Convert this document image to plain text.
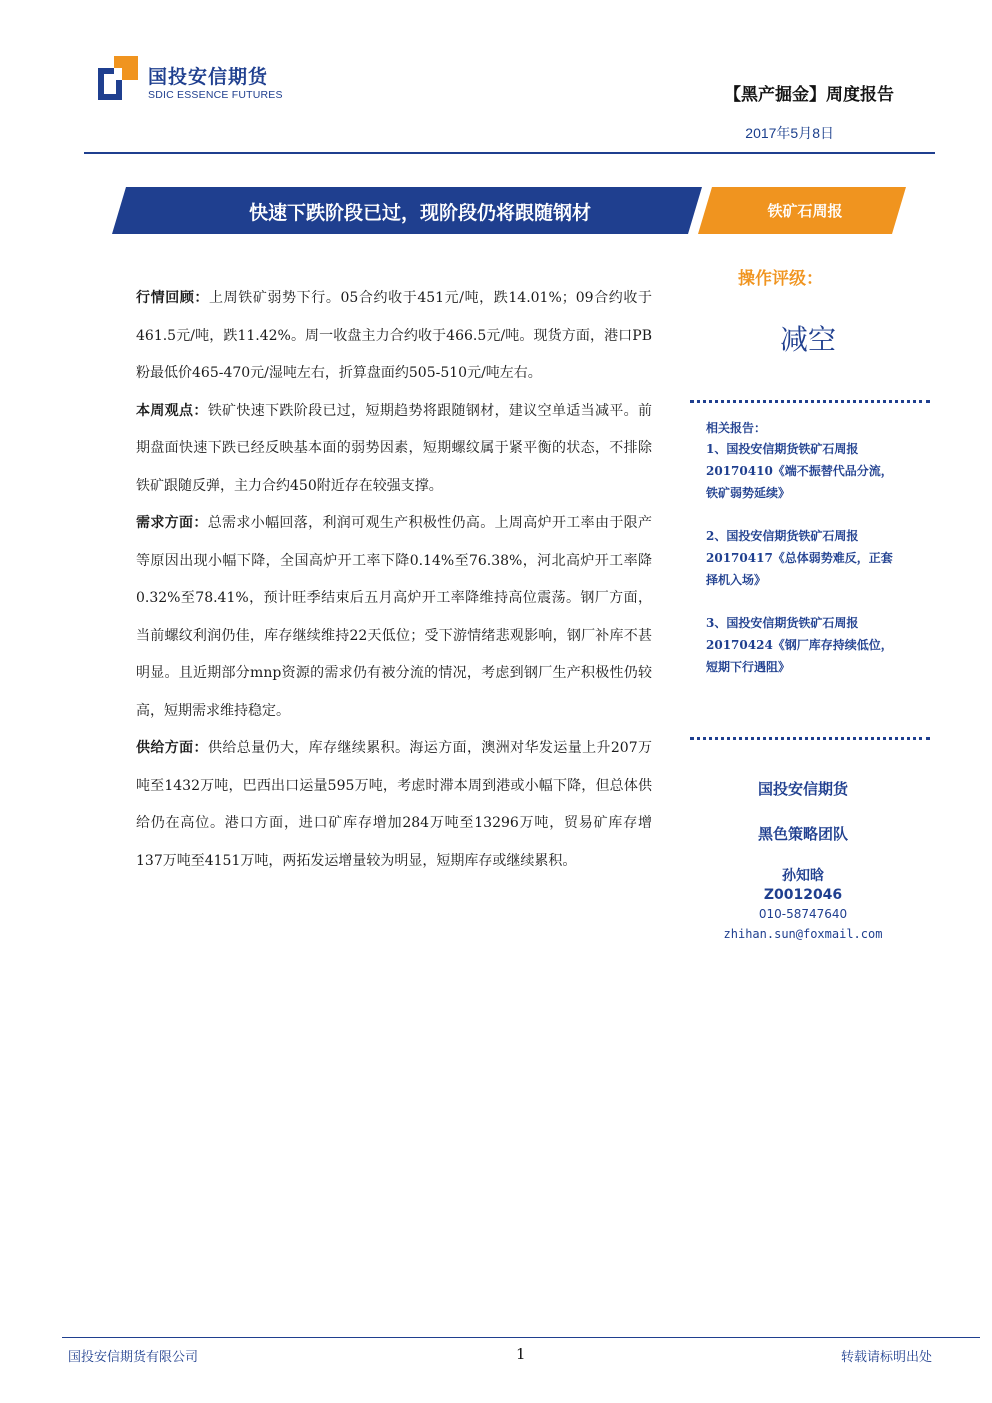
国投安信期货
SDIC ESSENCE FUTURES	【黑产掘金】周度报告
2017年5月8日
快速下跌阶段已过，现阶段仍将跟随钢材	铁矿石周报

行情回顾：上周铁矿弱势下行。05合约收于451元/吨，跌14.01%；09合约收于461.5元/吨，跌11.42%。周一收盘主力合约收于466.5元/吨。现货方面，港口PB粉最低价465-470元/湿吨左右，折算盘面约505-510元/吨左右。

本周观点：铁矿快速下跌阶段已过，短期趋势将跟随钢材，建议空单适当减平。前期盘面快速下跌已经反映基本面的弱势因素，短期螺纹属于紧平衡的状态，不排除铁矿跟随反弹，主力合约450附近存在较强支撑。

需求方面：总需求小幅回落，利润可观生产积极性仍高。上周高炉开工率由于限产等原因出现小幅下降，全国高炉开工率下降0.14%至76.38%，河北高炉开工率降0.32%至78.41%，预计旺季结束后五月高炉开工率降维持高位震荡。钢厂方面，当前螺纹利润仍佳，库存继续维持22天低位；受下游情绪悲观影响，钢厂补库不甚明显。且近期部分mnp资源的需求仍有被分流的情况，考虑到钢厂生产积极性仍较高，短期需求维持稳定。

供给方面：供给总量仍大，库存继续累积。海运方面，澳洲对华发运量上升207万吨至1432万吨，巴西出口运量595万吨，考虑时滞本周到港或小幅下降，但总体供给仍在高位。港口方面，进口矿库存增加284万吨至13296万吨，贸易矿库存增137万吨至4151万吨，两拓发运增量较为明显，短期库存或继续累积。

操作评级：
减空
相关报告：
1、国投安信期货铁矿石周报
20170410《端不振替代品分流，
铁矿弱势延续》
2、国投安信期货铁矿石周报
20170417《总体弱势难反，正套
择机入场》
3、国投安信期货铁矿石周报
20170424《钢厂库存持续低位，
短期下行遇阻》
国投安信期货
黑色策略团队
孙知晗
Z0012046
010-58747640
zhihan.sun@foxmail.com
国投安信期货有限公司	1	转载请标明出处
